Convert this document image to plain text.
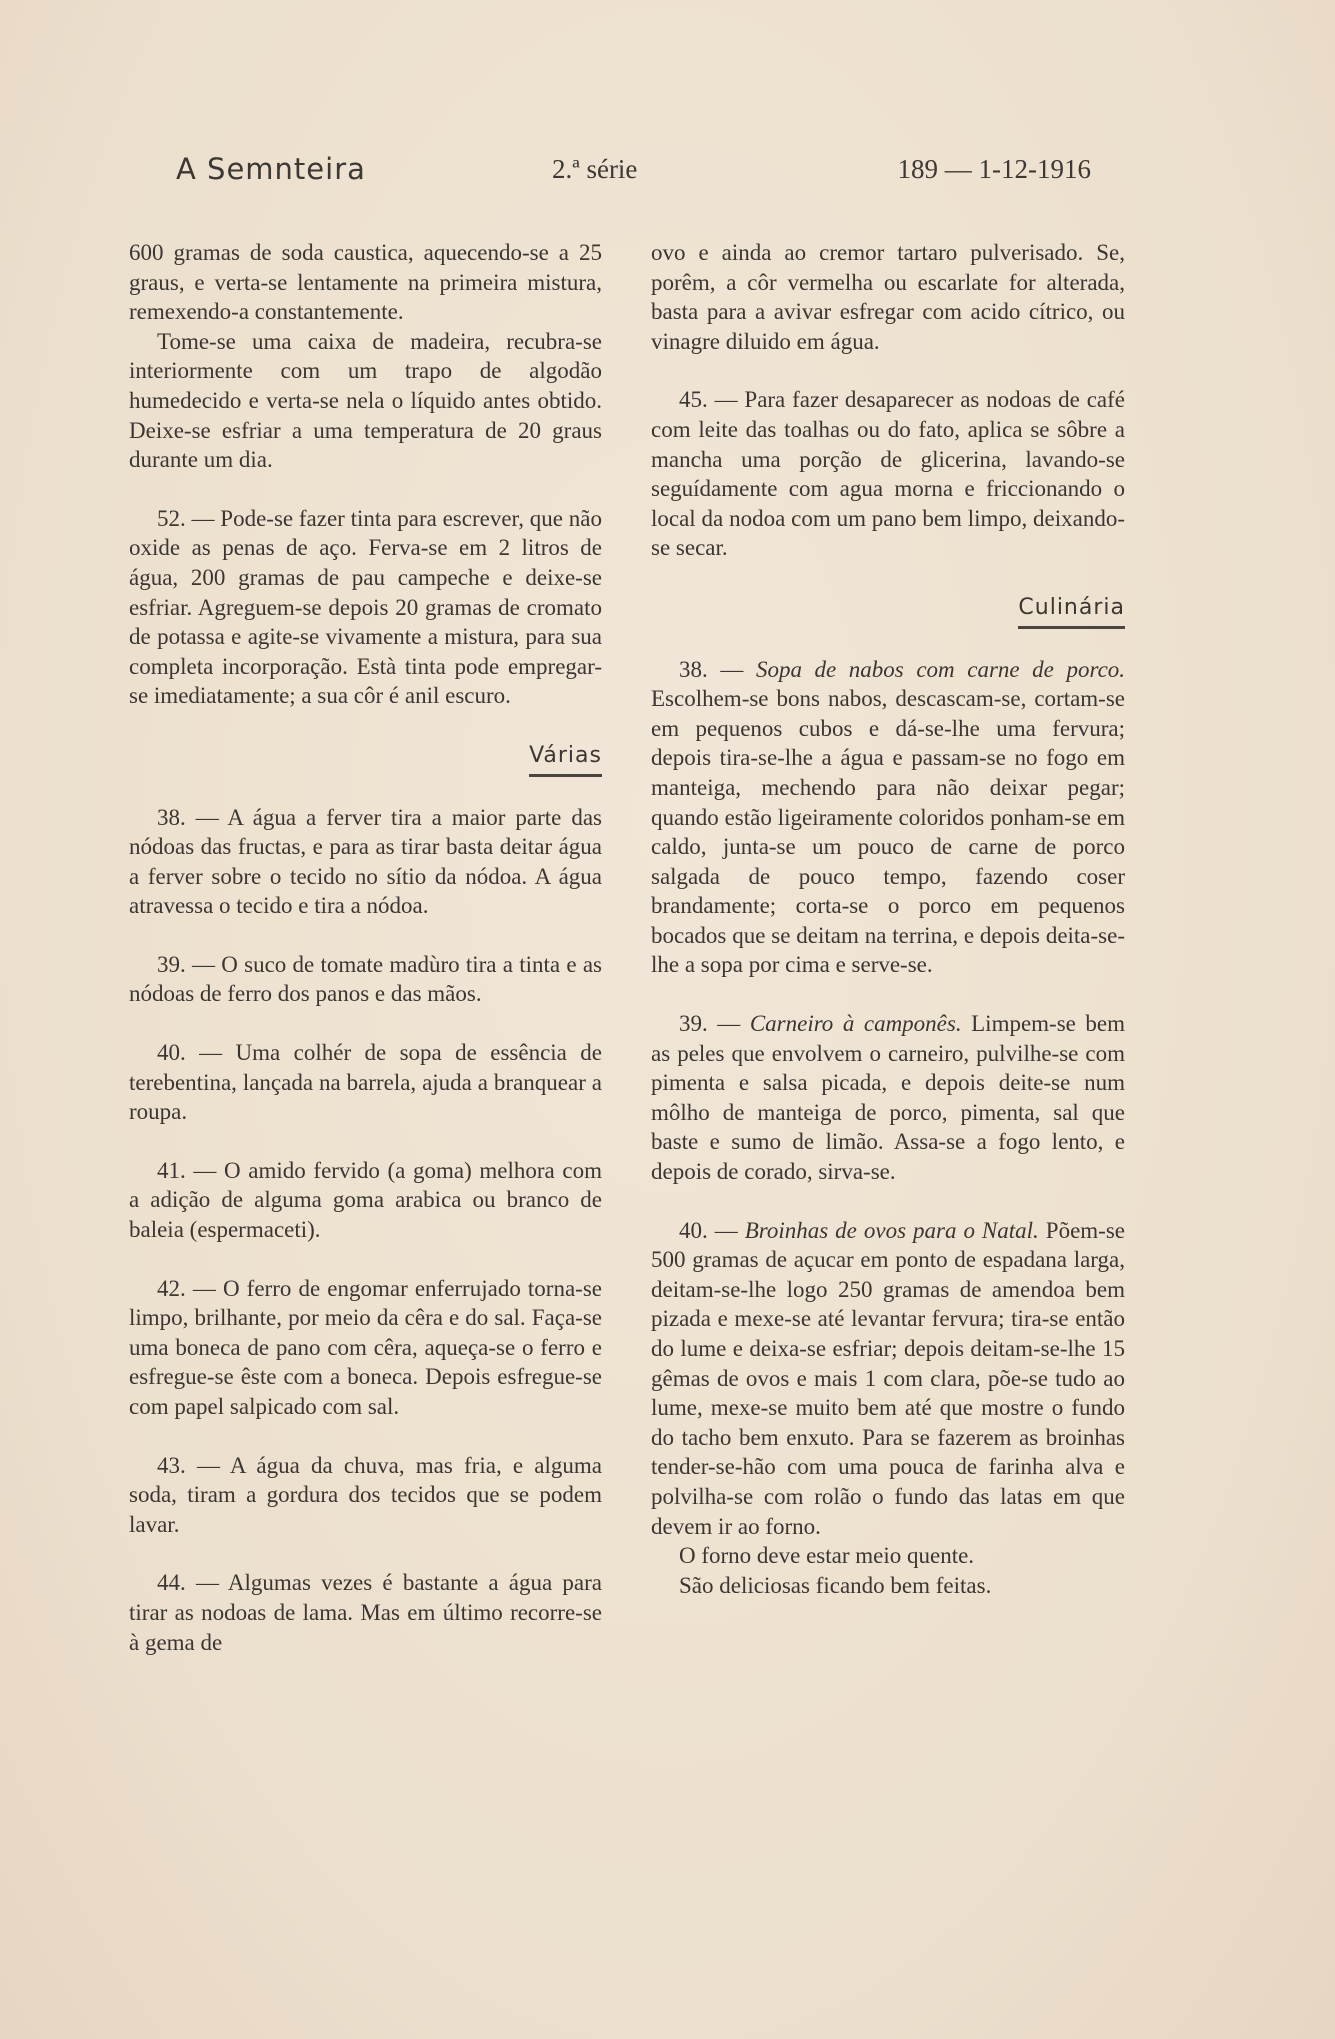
A Semnteira	2.ª série	189 — 1-12-1916

600 gramas de soda caustica, aquecendo-se a 25 graus, e verta-se lentamente na primeira mistura, remexendo-a constantemente.

Tome-se uma caixa de madeira, recubra-se interiormente com um trapo de algodão humedecido e verta-se nela o líquido antes obtido. Deixe-se esfriar a uma temperatura de 20 graus durante um dia.

52. — Pode-se fazer tinta para escrever, que não oxide as penas de aço. Ferva-se em 2 litros de água, 200 gramas de pau campeche e deixe-se esfriar. Agreguem-se depois 20 gramas de cromato de potassa e agite-se vivamente a mistura, para sua completa incorporação. Està tinta pode empregar-se imediatamente; a sua côr é anil escuro.

Várias

38. — A água a ferver tira a maior parte das nódoas das fructas, e para as tirar basta deitar água a ferver sobre o tecido no sítio da nódoa. A água atravessa o tecido e tira a nódoa.

39. — O suco de tomate madùro tira a tinta e as nódoas de ferro dos panos e das mãos.

40. — Uma colhér de sopa de essência de terebentina, lançada na barrela, ajuda a branquear a roupa.

41. — O amido fervido (a goma) melhora com a adição de alguma goma arabica ou branco de baleia (espermaceti).

42. — O ferro de engomar enferrujado torna-se limpo, brilhante, por meio da cêra e do sal. Faça-se uma boneca de pano com cêra, aqueça-se o ferro e esfregue-se êste com a boneca. Depois esfregue-se com papel salpicado com sal.

43. — A água da chuva, mas fria, e alguma soda, tiram a gordura dos tecidos que se podem lavar.

44. — Algumas vezes é bastante a água para tirar as nodoas de lama. Mas em último recorre-se à gema de

ovo e ainda ao cremor tartaro pulverisado. Se, porêm, a côr vermelha ou escarlate for alterada, basta para a avivar esfregar com acido cítrico, ou vinagre diluido em água.

45. — Para fazer desaparecer as nodoas de café com leite das toalhas ou do fato, aplica se sôbre a mancha uma porção de glicerina, lavando-se seguídamente com agua morna e friccionando o local da nodoa com um pano bem limpo, deixando-se secar.

Culinária

38. — Sopa de nabos com carne de porco. Escolhem-se bons nabos, descascam-se, cortam-se em pequenos cubos e dá-se-lhe uma fervura; depois tira-se-lhe a água e passam-se no fogo em manteiga, mechendo para não deixar pegar; quando estão ligeiramente coloridos ponham-se em caldo, junta-se um pouco de carne de porco salgada de pouco tempo, fazendo coser brandamente; corta-se o porco em pequenos bocados que se deitam na terrina, e depois deita-se-lhe a sopa por cima e serve-se.

39. — Carneiro à camponês. Limpem-se bem as peles que envolvem o carneiro, pulvilhe-se com pimenta e salsa picada, e depois deite-se num môlho de manteiga de porco, pimenta, sal que baste e sumo de limão. Assa-se a fogo lento, e depois de corado, sirva-se.

40. — Broinhas de ovos para o Natal. Põem-se 500 gramas de açucar em ponto de espadana larga, deitam-se-lhe logo 250 gramas de amendoa bem pizada e mexe-se até levantar fervura; tira-se então do lume e deixa-se esfriar; depois deitam-se-lhe 15 gêmas de ovos e mais 1 com clara, põe-se tudo ao lume, mexe-se muito bem até que mostre o fundo do tacho bem enxuto. Para se fazerem as broinhas tender-se-hão com uma pouca de farinha alva e polvilha-se com rolão o fundo das latas em que devem ir ao forno.

O forno deve estar meio quente.

São deliciosas ficando bem feitas.
